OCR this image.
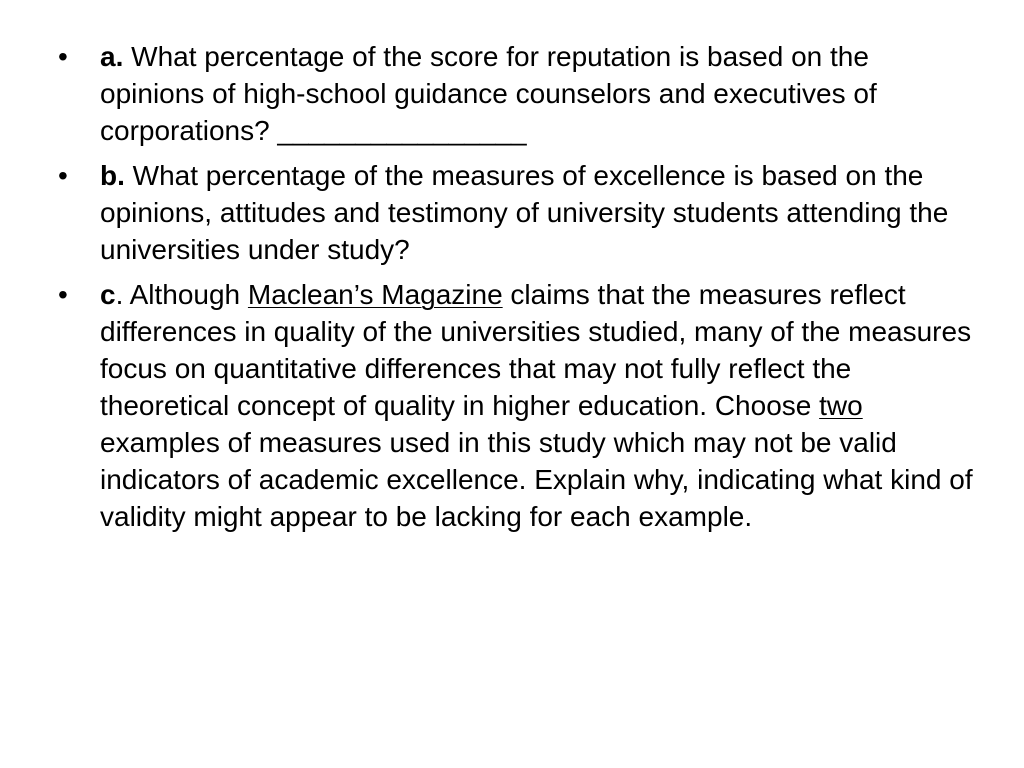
• a. What percentage of the score for reputation is based on the opinions of high-school guidance counselors and executives of corporations? ________________
• b. What percentage of the measures of excellence is based on the opinions, attitudes and testimony of university students attending the universities under study?
• c. Although Maclean’s Magazine claims that the measures reflect differences in quality of the universities studied, many of the measures focus on quantitative differences that may not fully reflect the theoretical concept of quality in higher education. Choose two examples of measures used in this study which may not be valid indicators of academic excellence. Explain why, indicating what kind of validity might appear to be lacking for each example.
